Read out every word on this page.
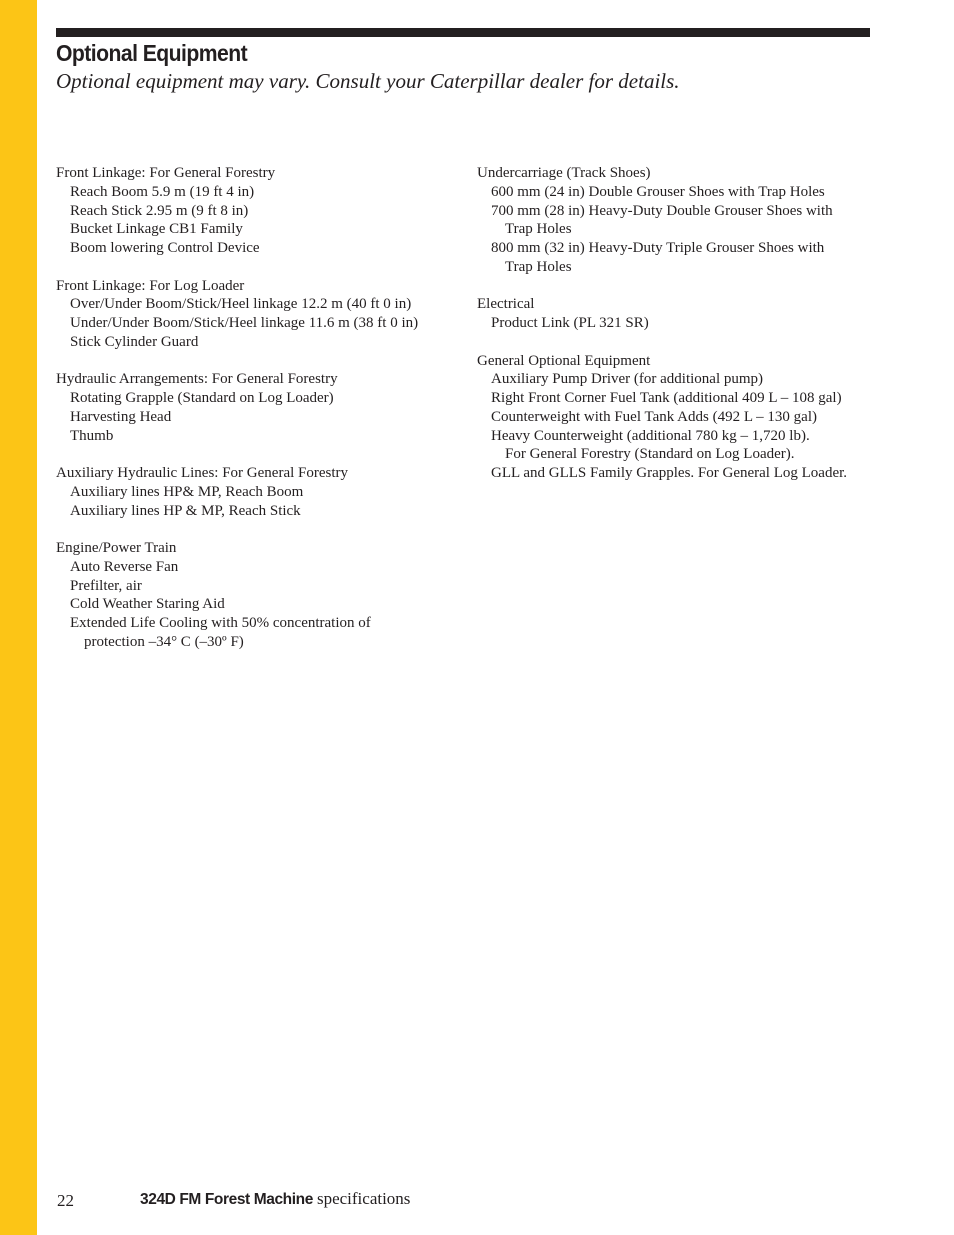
Optional Equipment
Optional equipment may vary. Consult your Caterpillar dealer for details.
Front Linkage: For General Forestry
Reach Boom 5.9 m (19 ft 4 in)
Reach Stick 2.95 m (9 ft 8 in)
Bucket Linkage CB1 Family
Boom lowering Control Device
Front Linkage: For Log Loader
Over/Under Boom/Stick/Heel linkage 12.2 m (40 ft 0 in)
Under/Under Boom/Stick/Heel linkage 11.6 m (38 ft 0 in)
Stick Cylinder Guard
Hydraulic Arrangements: For General Forestry
Rotating Grapple (Standard on Log Loader)
Harvesting Head
Thumb
Auxiliary Hydraulic Lines: For General Forestry
Auxiliary lines HP& MP, Reach Boom
Auxiliary lines HP & MP, Reach Stick
Engine/Power Train
Auto Reverse Fan
Prefilter, air
Cold Weather Staring Aid
Extended Life Cooling with 50% concentration of
protection –34° C (–30º F)
Undercarriage (Track Shoes)
600 mm (24 in) Double Grouser Shoes with Trap Holes
700 mm (28 in) Heavy-Duty Double Grouser Shoes with
Trap Holes
800 mm (32 in) Heavy-Duty Triple Grouser Shoes with
Trap Holes
Electrical
Product Link (PL 321 SR)
General Optional Equipment
Auxiliary Pump Driver (for additional pump)
Right Front Corner Fuel Tank (additional 409 L – 108 gal)
Counterweight with Fuel Tank Adds (492 L – 130 gal)
Heavy Counterweight (additional 780 kg – 1,720 lb).
For General Forestry (Standard on Log Loader).
GLL and GLLS Family Grapples. For General Log Loader.
22	324D FM Forest Machine specifications
